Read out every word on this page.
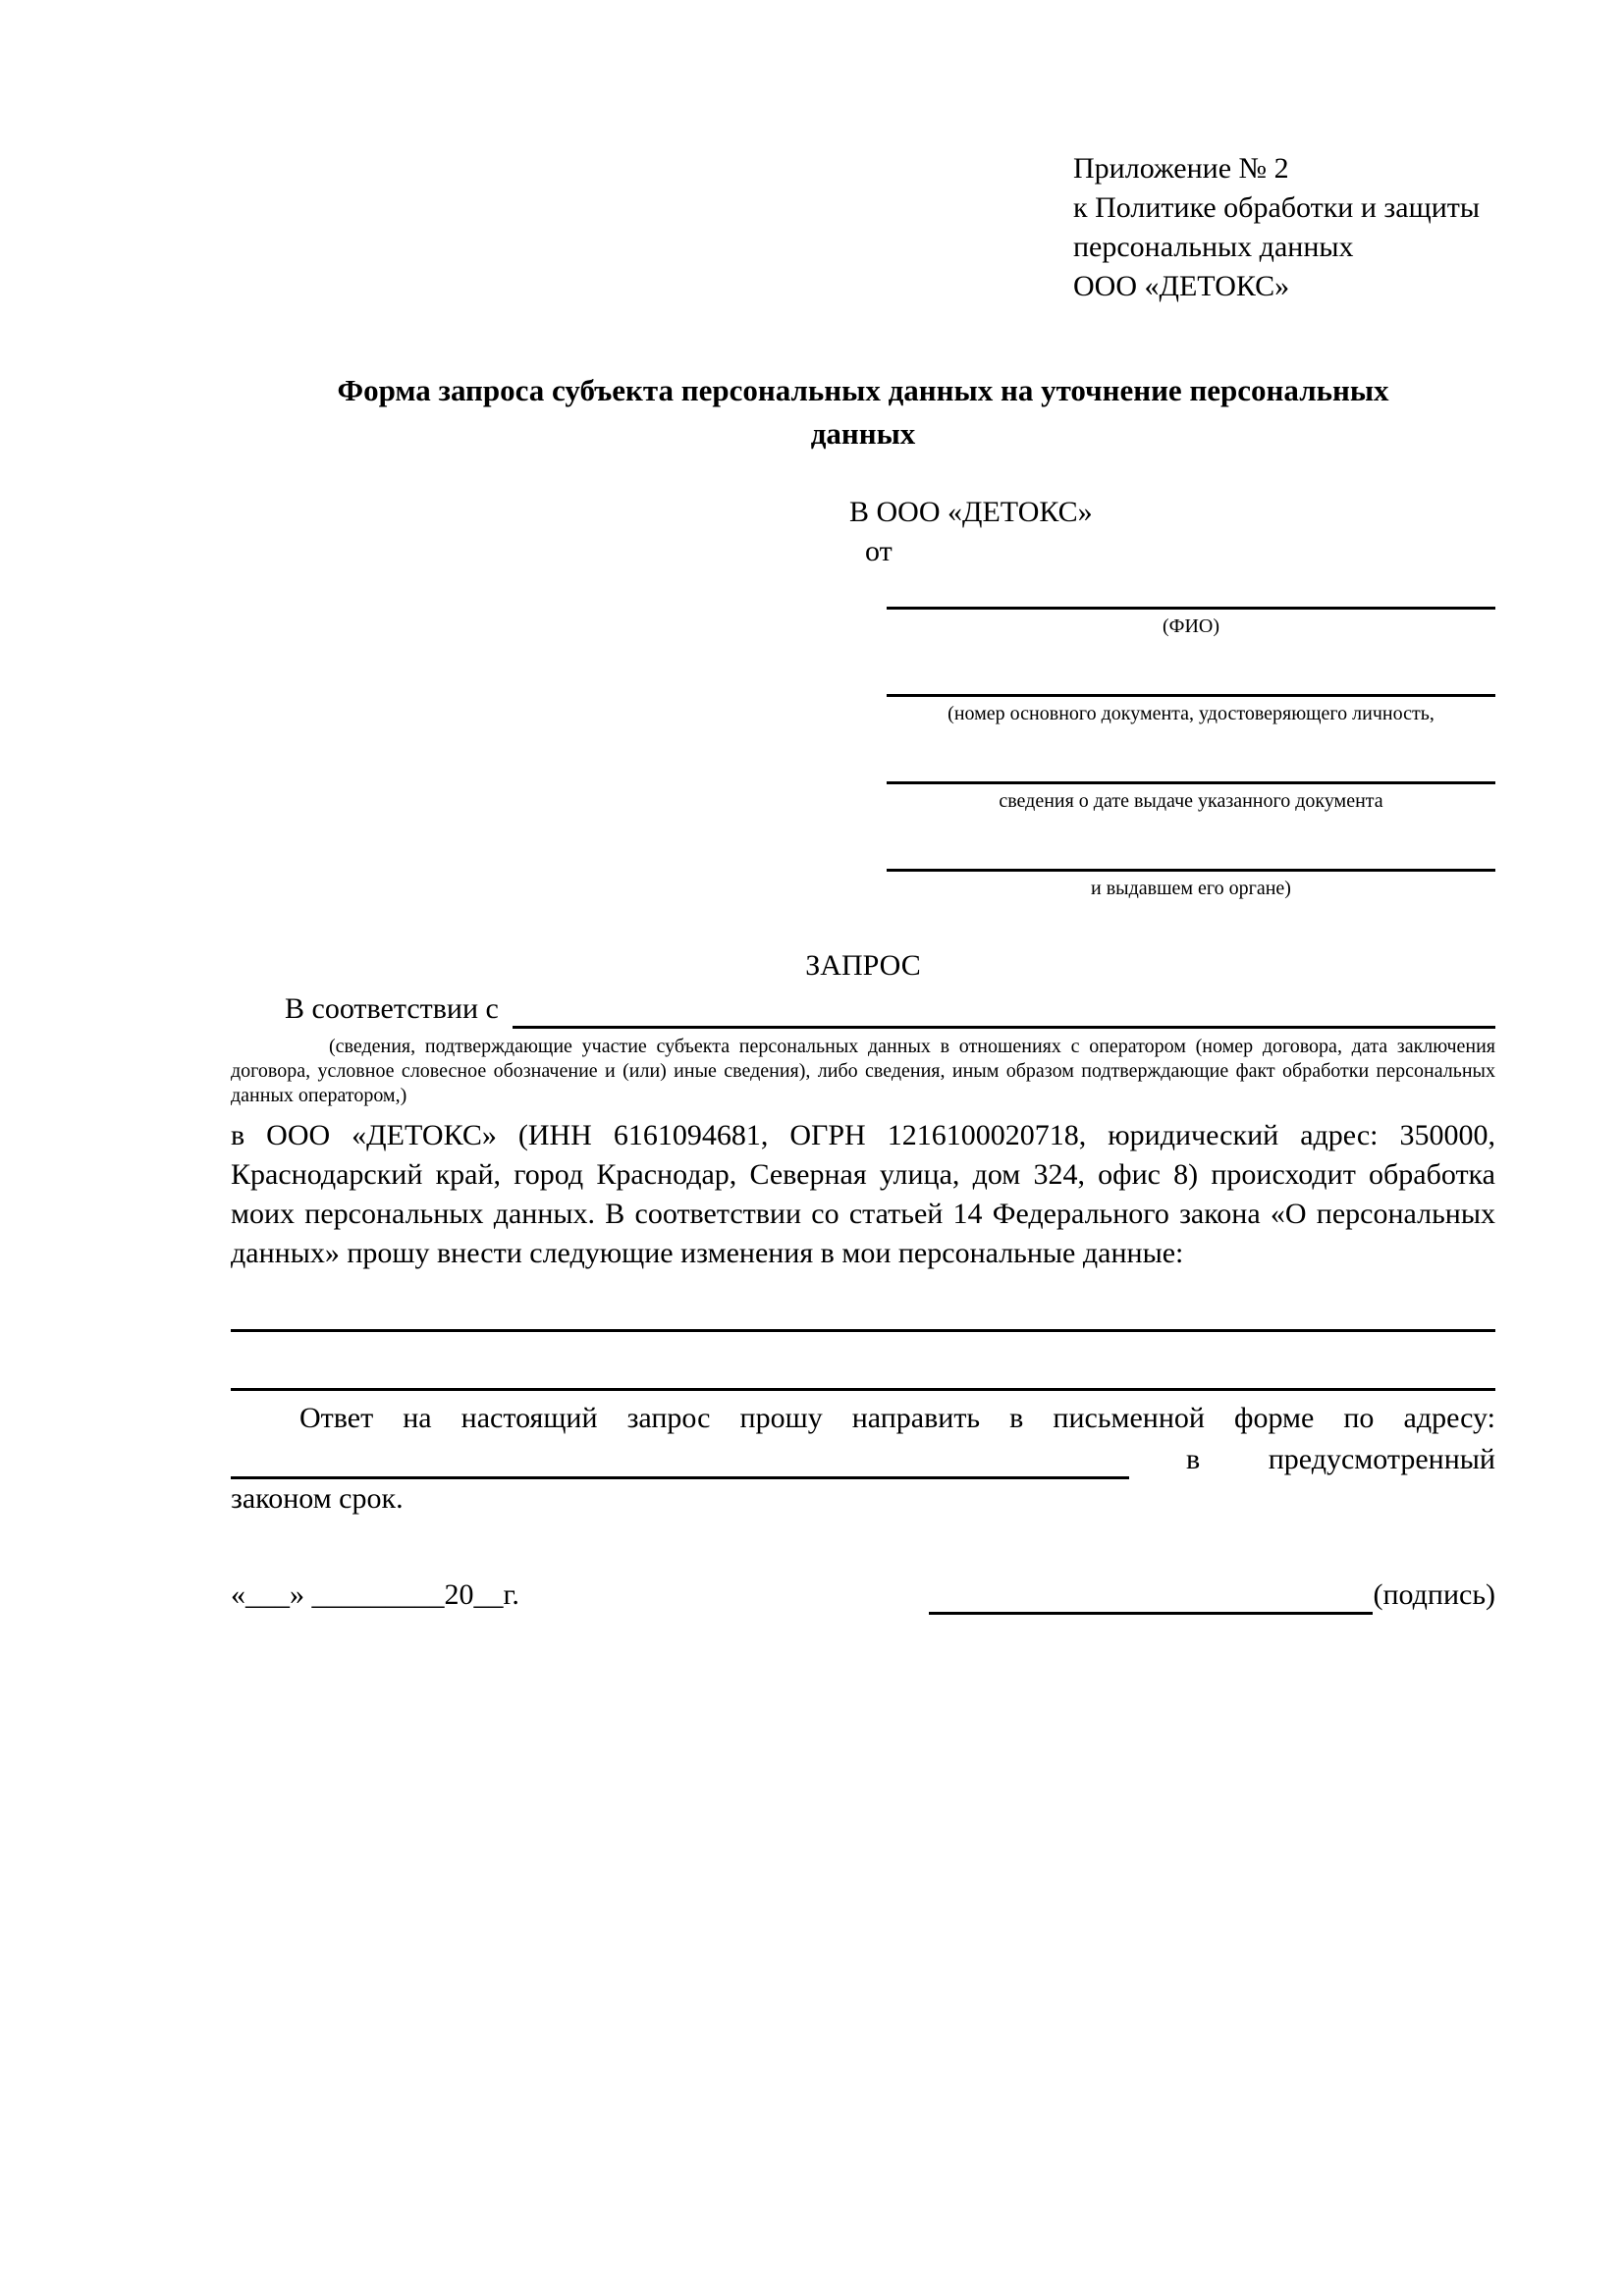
Приложение № 2
к Политике обработки и защиты
персональных данных
ООО «ДЕТОКС»
Форма запроса субъекта персональных данных на уточнение персональных данных
В ООО «ДЕТОКС»
от
(ФИО)
(номер основного документа, удостоверяющего личность,
сведения о дате выдаче указанного документа
и выдавшем его органе)
ЗАПРОС
В соответствии с
(сведения, подтверждающие участие субъекта персональных данных в отношениях с оператором (номер договора, дата заключения договора, условное словесное обозначение и (или) иные сведения), либо сведения, иным образом подтверждающие факт обработки персональных данных оператором,)
в ООО «ДЕТОКС» (ИНН 6161094681, ОГРН 1216100020718, юридический адрес: 350000, Краснодарский край, город Краснодар, Северная улица, дом 324, офис 8) происходит обработка моих персональных данных. В соответствии со статьей 14 Федерального закона «О персональных данных» прошу внести следующие изменения в мои персональные данные:
Ответ на настоящий запрос прошу направить в письменной форме по адресу:
в предусмотренный
законом срок.
«___» _________20__г.	(подпись)
